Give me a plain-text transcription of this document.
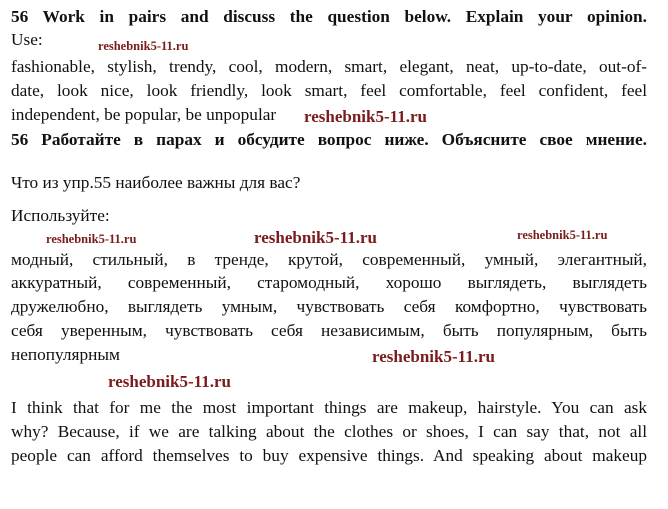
56 Work in pairs and discuss the question below. Explain your opinion.
Use:
fashionable, stylish, trendy, cool, modern, smart, elegant, neat, up-to-date, out-of-
date, look nice, look friendly, look smart, feel comfortable, feel confident, feel
independent, be popular, be unpopular
56 Работайте в парах и обсудите вопрос ниже. Объясните свое мнение.
Что из упр.55 наиболее важны для вас?
Используйте:
модный, стильный, в тренде, крутой, современный, умный, элегантный,
аккуратный, современный, старомодный, хорошо выглядеть, выглядеть
дружелюбно, выглядеть умным, чувствовать себя комфортно, чувствовать
себя уверенным, чувствовать себя независимым, быть популярным, быть
непопулярным
I think that for me the most important things are makeup, hairstyle. You can ask
why? Because, if we are talking about the clothes or shoes, I can say that, not all
people can afford themselves to buy expensive things. And speaking about makeup
reshebnik5-11.ru
reshebnik5-11.ru
reshebnik5-11.ru	reshebnik5-11.ru	reshebnik5-11.ru
reshebnik5-11.ru
reshebnik5-11.ru
